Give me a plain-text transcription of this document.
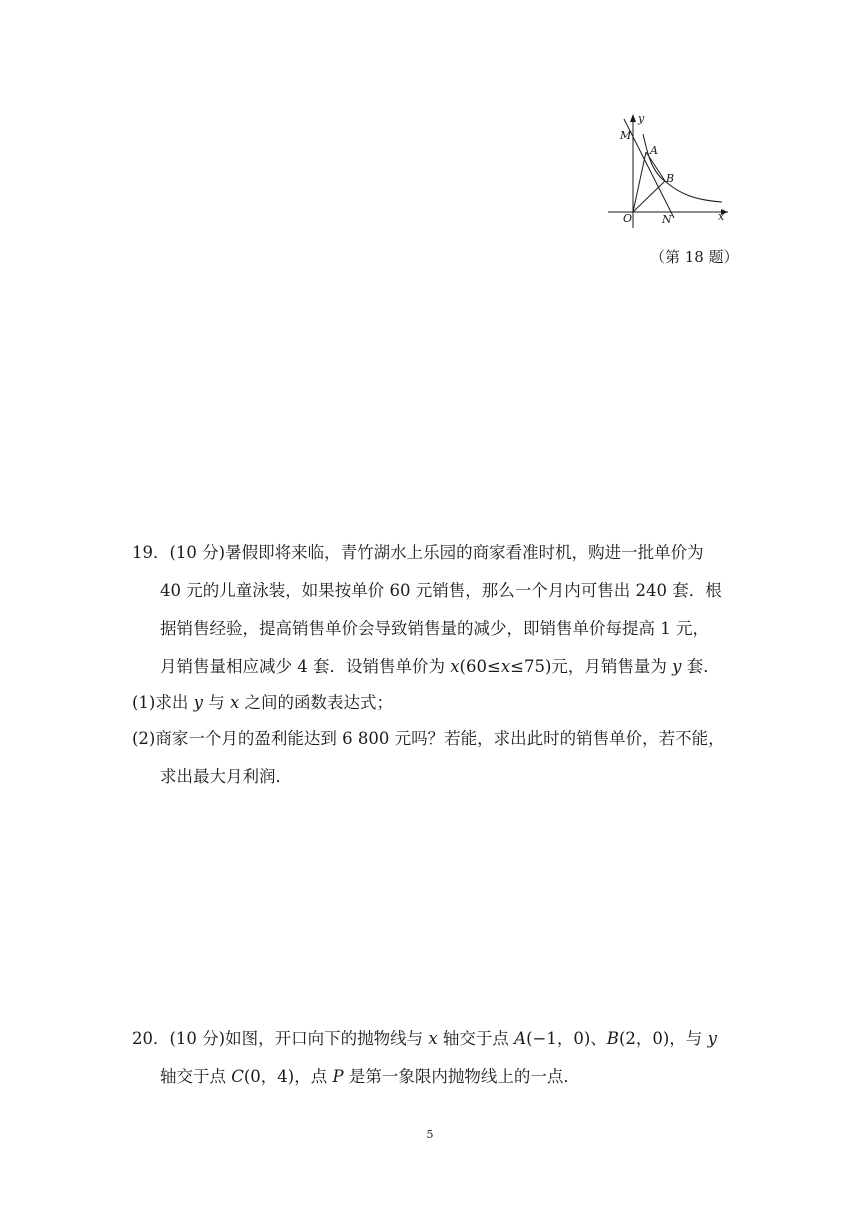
y
M
A
B
O	N	x
（第 18 题）
19．(10 分)暑假即将来临，青竹湖水上乐园的商家看准时机，购进一批单价为
40 元的儿童泳装，如果按单价 60 元销售，那么一个月内可售出 240 套．根
据销售经验，提高销售单价会导致销售量的减少，即销售单价每提高 1 元，
月销售量相应减少 4 套．设销售单价为 x(60≤x≤75)元，月销售量为 y 套．
(1)求出 y 与 x 之间的函数表达式；
(2)商家一个月的盈利能达到 6 800 元吗？若能，求出此时的销售单价，若不能，
求出最大月利润．
20．(10 分)如图，开口向下的抛物线与 x 轴交于点 A(−1，0)、B(2，0)，与 y
轴交于点 C(0，4)，点 P 是第一象限内抛物线上的一点．
5
